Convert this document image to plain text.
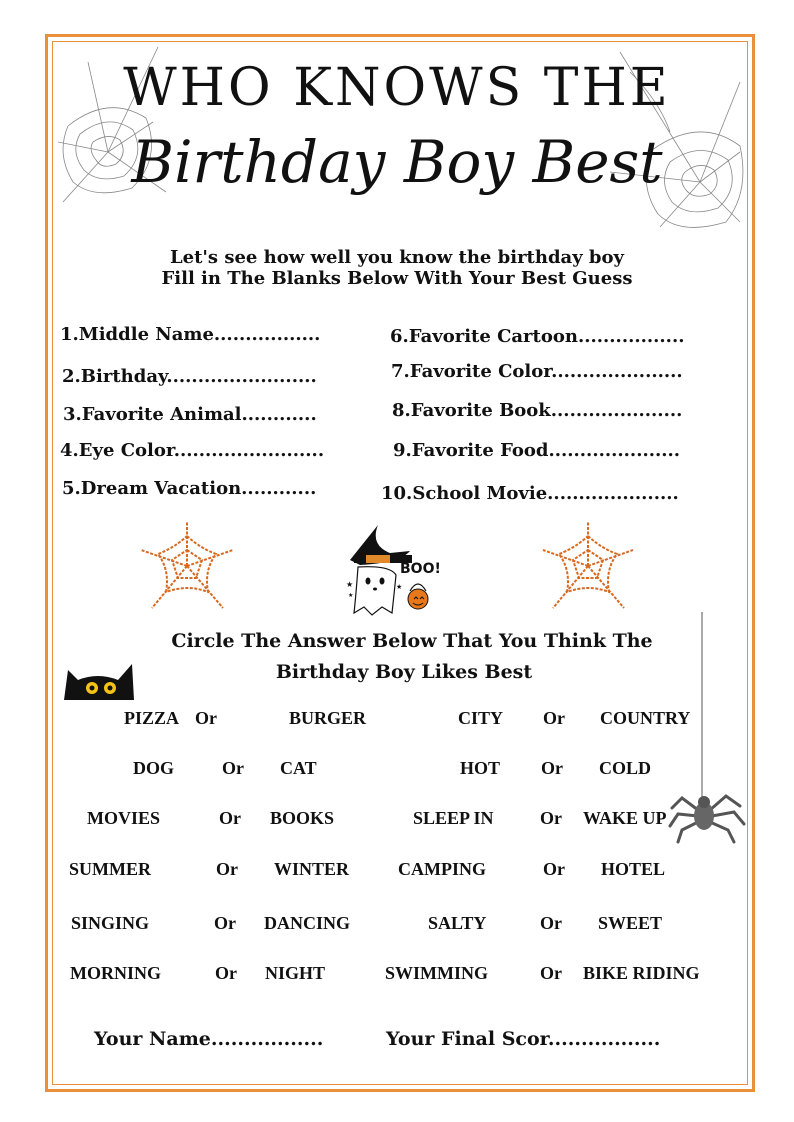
WHO KNOWS THE
Birthday Boy Best
Let's see how well you know the birthday boy
Fill in The Blanks Below With Your Best Guess
1.Middle Name.................
2.Birthday........................
3.Favorite Animal............
4.Eye Color........................
5.Dream Vacation............
6.Favorite Cartoon.................
7.Favorite Color.....................
8.Favorite Book.....................
9.Favorite Food.....................
10.School Movie.....................
★	★
★
BOO!
Circle The Answer Below That You Think The
Birthday Boy Likes Best
PIZZA Or	BURGER	CITY Or COUNTRY
DOG	Or CAT	HOT Or COLD
MOVIES	Or BOOKS	SLEEP IN	Or WAKE UP
SUMMER	Or WINTER	CAMPING	Or HOTEL
SINGING	Or DANCING	SALTY	Or SWEET
MORNING	Or NIGHT	SWIMMING	Or BIKE RIDING
Your Name.................	Your Final Scor.................
